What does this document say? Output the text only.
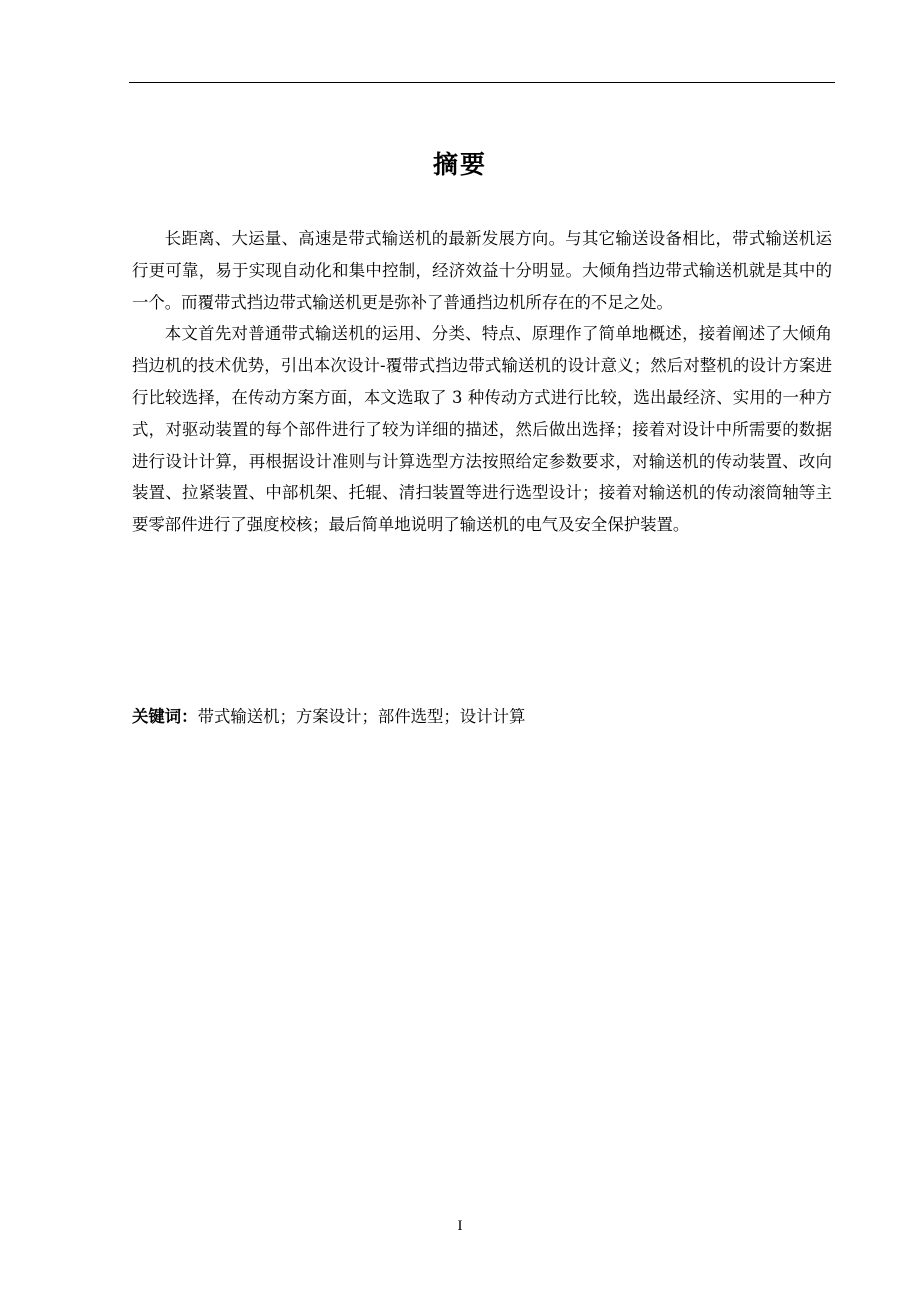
摘要

长距离、大运量、高速是带式输送机的最新发展方向。与其它输送设备相比，带式输送机运行更可靠，易于实现自动化和集中控制，经济效益十分明显。大倾角挡边带式输送机就是其中的一个。而覆带式挡边带式输送机更是弥补了普通挡边机所存在的不足之处。

本文首先对普通带式输送机的运用、分类、特点、原理作了简单地概述，接着阐述了大倾角挡边机的技术优势，引出本次设计-覆带式挡边带式输送机的设计意义；然后对整机的设计方案进行比较选择，在传动方案方面，本文选取了 3 种传动方式进行比较，选出最经济、实用的一种方式，对驱动装置的每个部件进行了较为详细的描述，然后做出选择；接着对设计中所需要的数据进行设计计算，再根据设计准则与计算选型方法按照给定参数要求，对输送机的传动装置、改向装置、拉紧装置、中部机架、托辊、清扫装置等进行选型设计；接着对输送机的传动滚筒轴等主要零部件进行了强度校核；最后简单地说明了输送机的电气及安全保护装置。

关键词：带式输送机；方案设计；部件选型；设计计算
I
